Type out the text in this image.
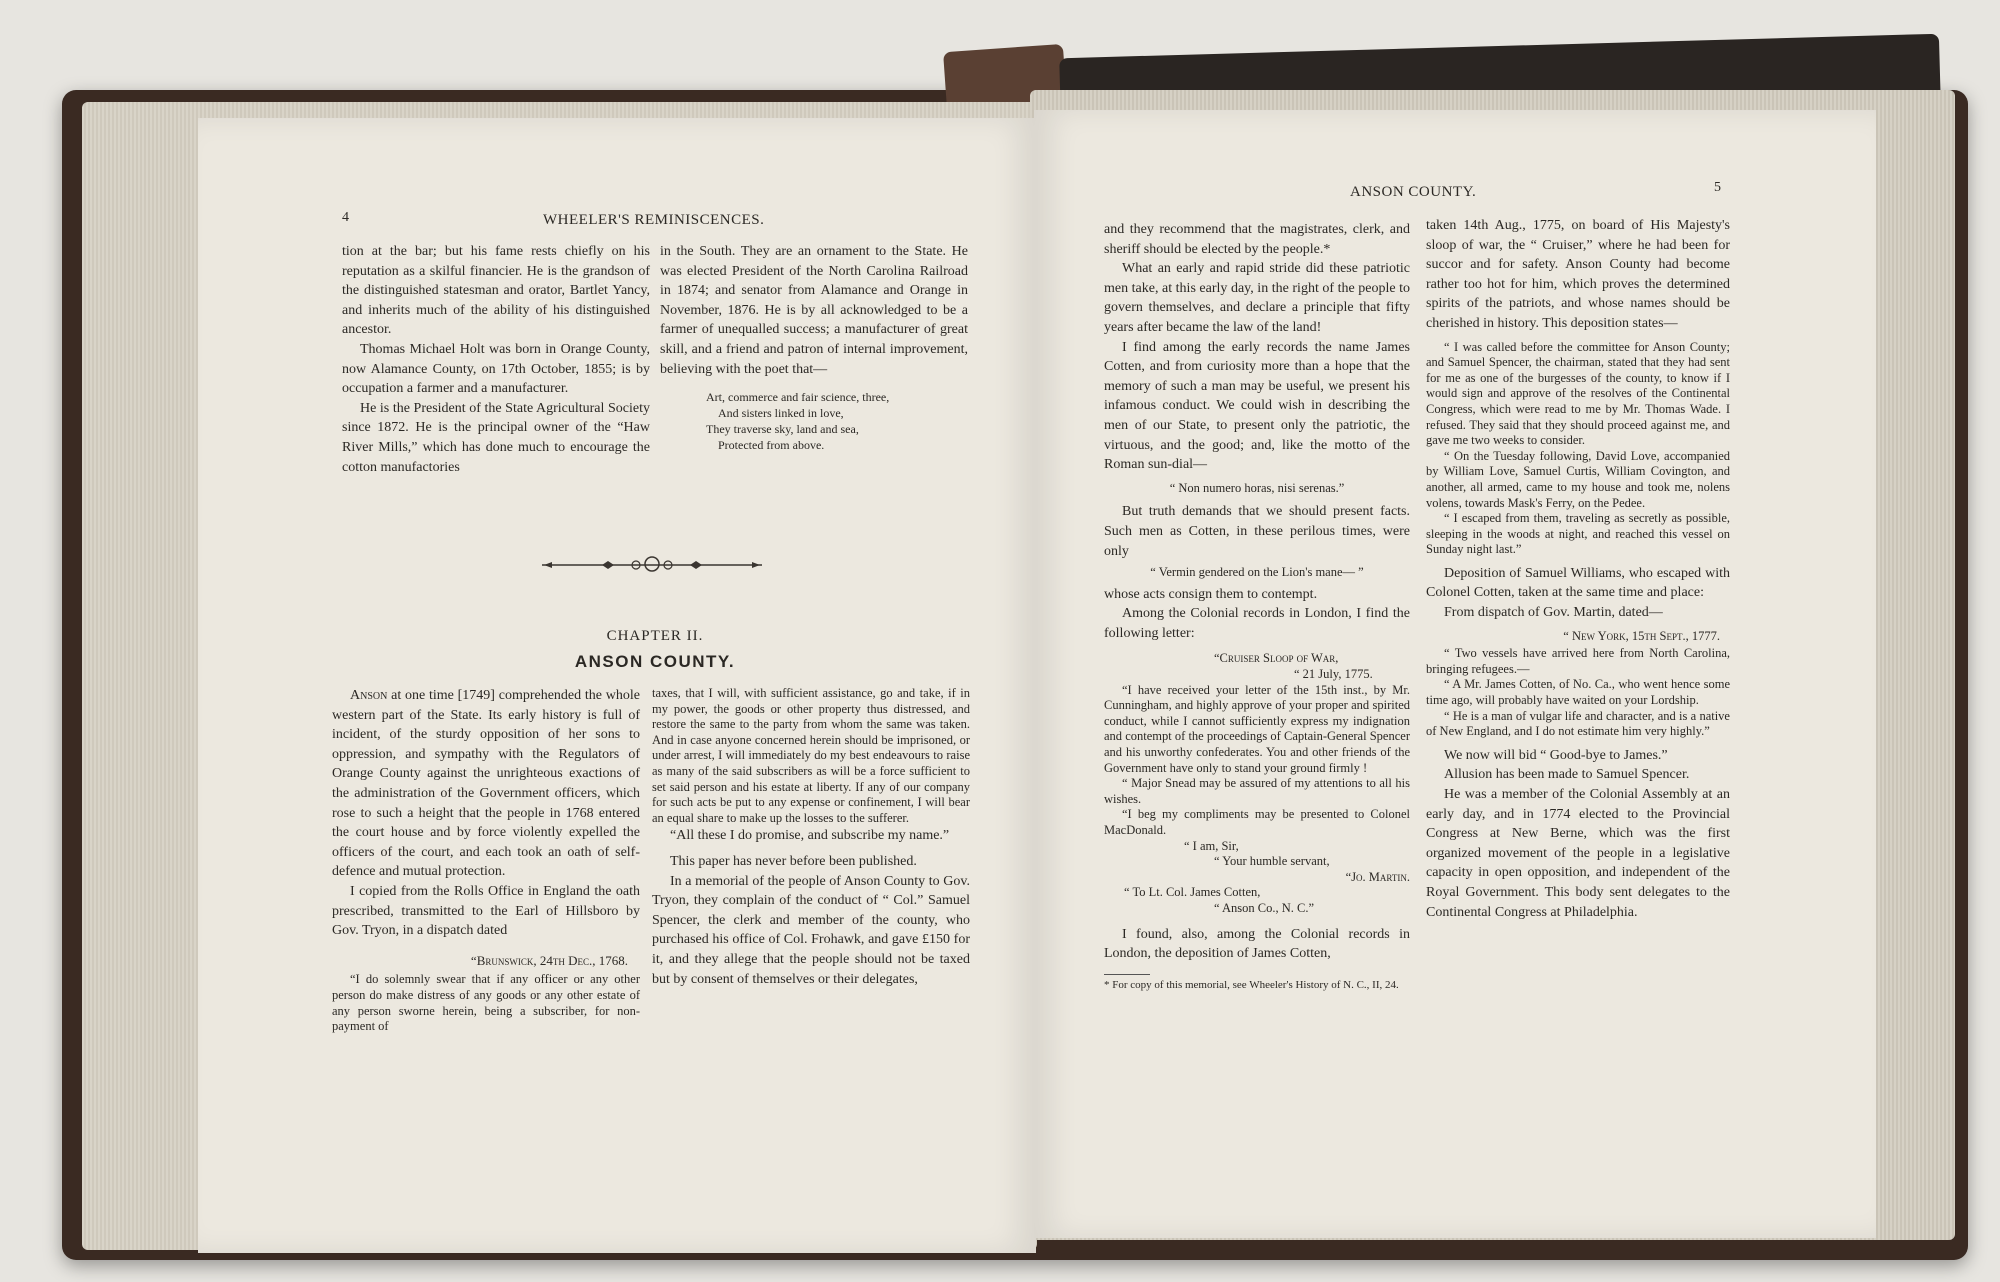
4	WHEELER'S REMINISCENCES.

tion at the bar; but his fame rests chiefly on his reputation as a skilful financier. He is the grandson of the distinguished statesman and orator, Bartlet Yancy, and inherits much of the ability of his distinguished ancestor.

Thomas Michael Holt was born in Orange County, now Alamance County, on 17th October, 1855; is by occupation a farmer and a manufacturer.

He is the President of the State Agricultural Society since 1872. He is the principal owner of the “Haw River Mills,” which has done much to encourage the cotton manufactories

in the South. They are an ornament to the State. He was elected President of the North Carolina Railroad in 1874; and senator from Alamance and Orange in November, 1876. He is by all acknowledged to be a farmer of unequalled success; a manufacturer of great skill, and a friend and patron of internal improvement, believing with the poet that—

Art, commerce and fair science, three,
And sisters linked in love,
They traverse sky, land and sea,
Protected from above.
CHAPTER II.
ANSON COUNTY.

Anson at one time [1749] comprehended the whole western part of the State. Its early history is full of incident, of the sturdy opposition of her sons to oppression, and sympathy with the Regulators of Orange County against the unrighteous exactions of the administration of the Government officers, which rose to such a height that the people in 1768 entered the court house and by force violently expelled the officers of the court, and each took an oath of self-defence and mutual protection.

I copied from the Rolls Office in England the oath prescribed, transmitted to the Earl of Hillsboro by Gov. Tryon, in a dispatch dated

“Brunswick, 24th Dec., 1768.

“I do solemnly swear that if any officer or any other person do make distress of any goods or any other estate of any person sworne herein, being a subscriber, for non-payment of

taxes, that I will, with sufficient assistance, go and take, if in my power, the goods or other property thus distressed, and restore the same to the party from whom the same was taken. And in case anyone concerned herein should be imprisoned, or under arrest, I will immediately do my best endeavours to raise as many of the said subscribers as will be a force sufficient to set said person and his estate at liberty. If any of our company for such acts be put to any expense or confinement, I will bear an equal share to make up the losses to the sufferer.

“All these I do promise, and subscribe my name.”

This paper has never before been published.

In a memorial of the people of Anson County to Gov. Tryon, they complain of the conduct of “ Col.” Samuel Spencer, the clerk and member of the county, who purchased his office of Col. Frohawk, and gave £150 for it, and they allege that the people should not be taxed but by consent of themselves or their delegates,

ANSON COUNTY.	5

and they recommend that the magistrates, clerk, and sheriff should be elected by the people.*

What an early and rapid stride did these patriotic men take, at this early day, in the right of the people to govern themselves, and declare a principle that fifty years after became the law of the land!

I find among the early records the name James Cotten, and from curiosity more than a hope that the memory of such a man may be useful, we present his infamous conduct. We could wish in describing the men of our State, to present only the patriotic, the virtuous, and the good; and, like the motto of the Roman sun-dial—

“ Non numero horas, nisi serenas.”

But truth demands that we should present facts. Such men as Cotten, in these perilous times, were only

“ Vermin gendered on the Lion's mane— ”

whose acts consign them to contempt.

Among the Colonial records in London, I find the following letter:

“Cruiser Sloop of War,

“ 21 July, 1775.

“I have received your letter of the 15th inst., by Mr. Cunningham, and highly approve of your proper and spirited conduct, while I cannot sufficiently express my indignation and contempt of the proceedings of Captain-General Spencer and his unworthy confederates. You and other friends of the Government have only to stand your ground firmly !

“ Major Snead may be assured of my attentions to all his wishes.

“I beg my compliments may be presented to Colonel MacDonald.

“ I am, Sir,

“ Your humble servant,

“Jo. Martin.

“ To Lt. Col. James Cotten,

“ Anson Co., N. C.”

I found, also, among the Colonial records in London, the deposition of James Cotten,

* For copy of this memorial, see Wheeler's History of N. C., II, 24.

taken 14th Aug., 1775, on board of His Majesty's sloop of war, the “ Cruiser,” where he had been for succor and for safety. Anson County had become rather too hot for him, which proves the determined spirits of the patriots, and whose names should be cherished in history. This deposition states—

“ I was called before the committee for Anson County; and Samuel Spencer, the chairman, stated that they had sent for me as one of the burgesses of the county, to know if I would sign and approve of the resolves of the Continental Congress, which were read to me by Mr. Thomas Wade. I refused. They said that they should proceed against me, and gave me two weeks to consider.

“ On the Tuesday following, David Love, accompanied by William Love, Samuel Curtis, William Covington, and another, all armed, came to my house and took me, nolens volens, towards Mask's Ferry, on the Pedee.

“ I escaped from them, traveling as secretly as possible, sleeping in the woods at night, and reached this vessel on Sunday night last.”

Deposition of Samuel Williams, who escaped with Colonel Cotten, taken at the same time and place:

From dispatch of Gov. Martin, dated—

“ New York, 15th Sept., 1777.

“ Two vessels have arrived here from North Carolina, bringing refugees.—

“ A Mr. James Cotten, of No. Ca., who went hence some time ago, will probably have waited on your Lordship.

“ He is a man of vulgar life and character, and is a native of New England, and I do not estimate him very highly.”

We now will bid “ Good-bye to James.”

Allusion has been made to Samuel Spencer.

He was a member of the Colonial Assembly at an early day, and in 1774 elected to the Provincial Congress at New Berne, which was the first organized movement of the people in a legislative capacity in open opposition, and independent of the Royal Government. This body sent delegates to the Continental Congress at Philadelphia.
